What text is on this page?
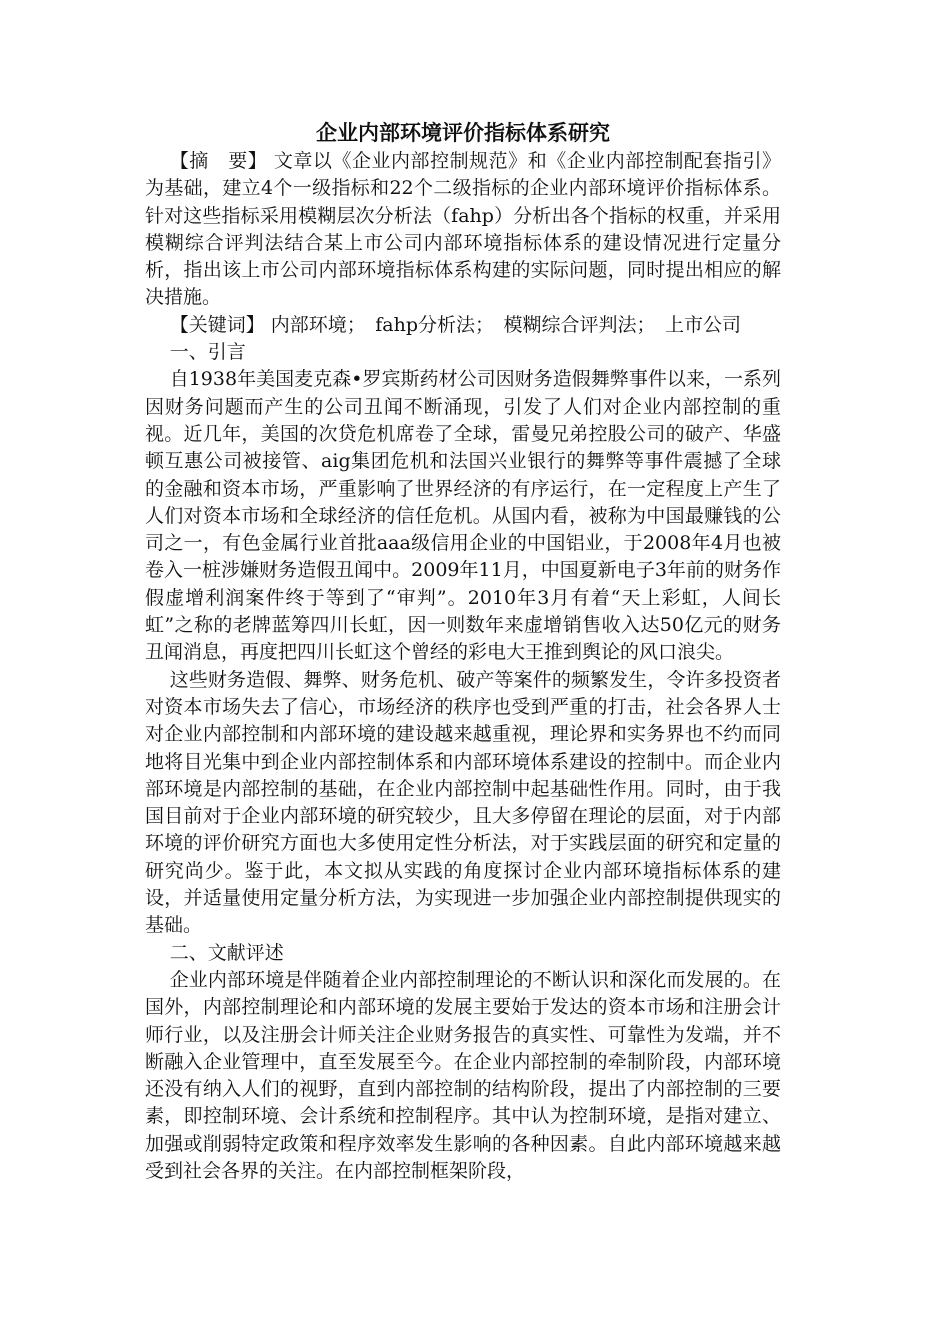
企业内部环境评价指标体系研究

【摘　要】 文章以《企业内部控制规范》和《企业内部控制配套指引》为基础，建立4个一级指标和22个二级指标的企业内部环境评价指标体系。针对这些指标采用模糊层次分析法（fahp）分析出各个指标的权重，并采用模糊综合评判法结合某上市公司内部环境指标体系的建设情况进行定量分析，指出该上市公司内部环境指标体系构建的实际问题，同时提出相应的解决措施。

【关键词】 内部环境；　fahp分析法；　模糊综合评判法；　上市公司

一、引言

自1938年美国麦克森•罗宾斯药材公司因财务造假舞弊事件以来，一系列因财务问题而产生的公司丑闻不断涌现，引发了人们对企业内部控制的重视。近几年，美国的次贷危机席卷了全球，雷曼兄弟控股公司的破产、华盛顿互惠公司被接管、aig集团危机和法国兴业银行的舞弊等事件震撼了全球的金融和资本市场，严重影响了世界经济的有序运行，在一定程度上产生了人们对资本市场和全球经济的信任危机。从国内看，被称为中国最赚钱的公司之一，有色金属行业首批aaa级信用企业的中国铝业，于2008年4月也被卷入一桩涉嫌财务造假丑闻中。2009年11月，中国夏新电子3年前的财务作假虚增利润案件终于等到了“审判”。2010年3月有着“天上彩虹，人间长虹”之称的老牌蓝筹四川长虹，因一则数年来虚增销售收入达50亿元的财务丑闻消息，再度把四川长虹这个曾经的彩电大王推到舆论的风口浪尖。

这些财务造假、舞弊、财务危机、破产等案件的频繁发生，令许多投资者对资本市场失去了信心，市场经济的秩序也受到严重的打击，社会各界人士对企业内部控制和内部环境的建设越来越重视，理论界和实务界也不约而同地将目光集中到企业内部控制体系和内部环境体系建设的控制中。而企业内部环境是内部控制的基础，在企业内部控制中起基础性作用。同时，由于我国目前对于企业内部环境的研究较少，且大多停留在理论的层面，对于内部环境的评价研究方面也大多使用定性分析法，对于实践层面的研究和定量的研究尚少。鉴于此，本文拟从实践的角度探讨企业内部环境指标体系的建设，并适量使用定量分析方法，为实现进一步加强企业内部控制提供现实的基础。

二、文献评述

企业内部环境是伴随着企业内部控制理论的不断认识和深化而发展的。在国外，内部控制理论和内部环境的发展主要始于发达的资本市场和注册会计师行业，以及注册会计师关注企业财务报告的真实性、可靠性为发端，并不断融入企业管理中，直至发展至今。在企业内部控制的牵制阶段，内部环境还没有纳入人们的视野，直到内部控制的结构阶段，提出了内部控制的三要素，即控制环境、会计系统和控制程序。其中认为控制环境，是指对建立、加强或削弱特定政策和程序效率发生影响的各种因素。自此内部环境越来越受到社会各界的关注。在内部控制框架阶段，
